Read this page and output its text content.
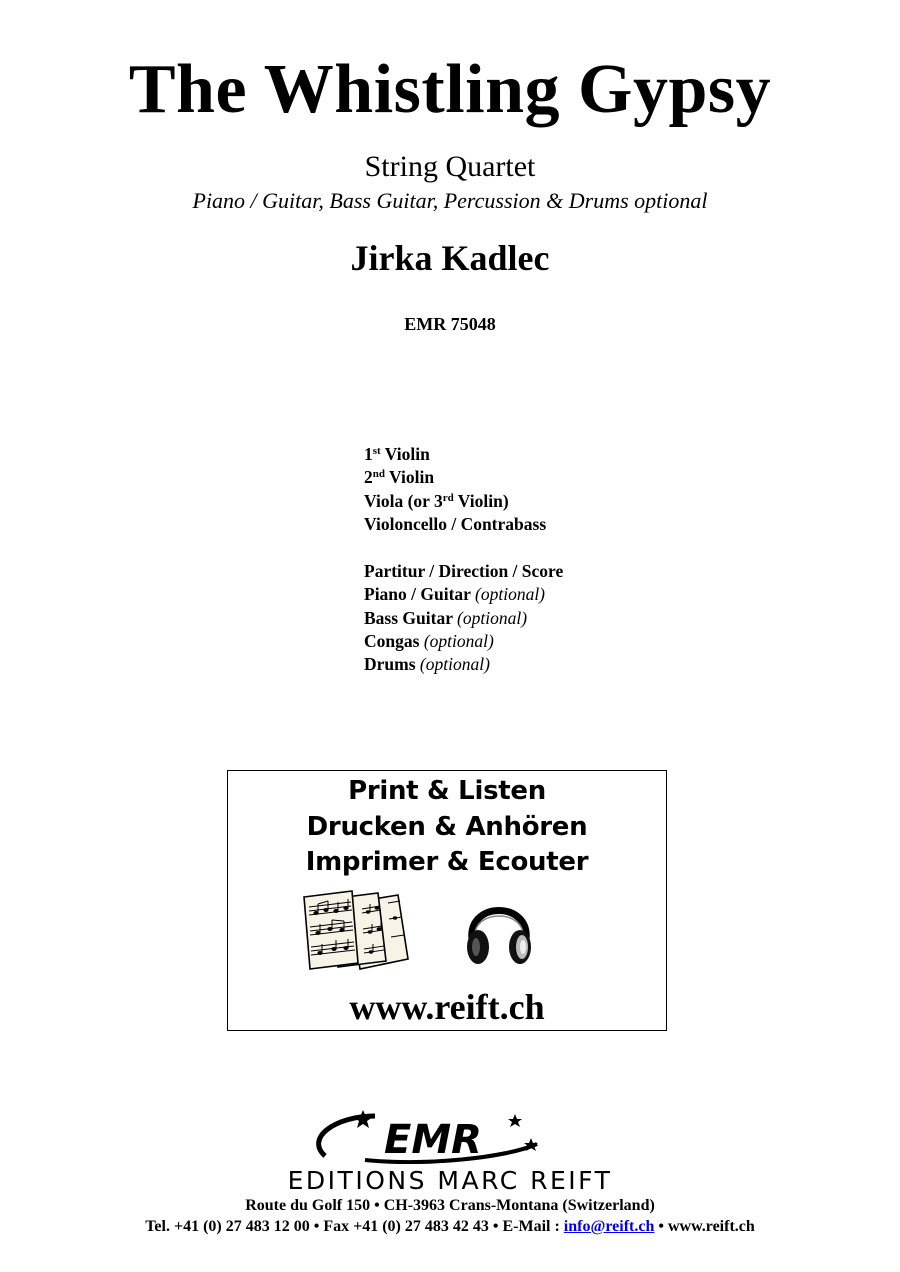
The Whistling Gypsy
String Quartet
Piano / Guitar, Bass Guitar, Percussion & Drums optional
Jirka Kadlec
EMR 75048
1st Violin
2nd Violin
Viola (or 3rd Violin)
Violoncello / Contrabass
Partitur / Direction / Score
Piano / Guitar (optional)
Bass Guitar (optional)
Congas (optional)
Drums (optional)
Print & Listen
Drucken & Anhören
Imprimer & Ecouter
www.reift.ch
EMR
EDITIONS MARC REIFT
Route du Golf 150 • CH-3963 Crans-Montana (Switzerland)
Tel. +41 (0) 27 483 12 00 • Fax +41 (0) 27 483 42 43 • E-Mail : info@reift.ch • www.reift.ch
